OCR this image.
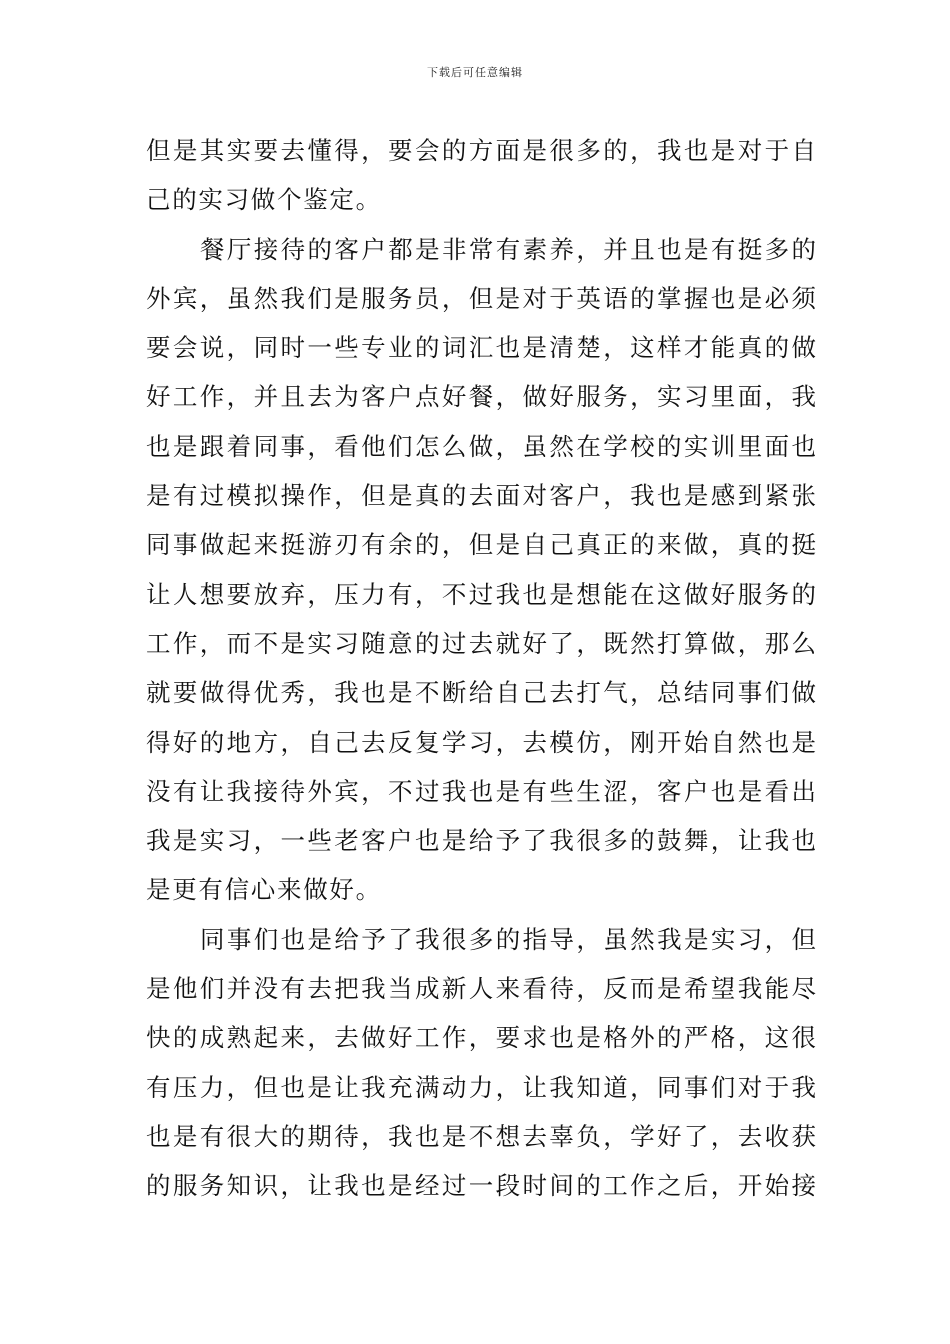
下载后可任意编辑
但是其实要去懂得，要会的方面是很多的，我也是对于自
己的实习做个鉴定。
餐厅接待的客户都是非常有素养，并且也是有挺多的
外宾，虽然我们是服务员，但是对于英语的掌握也是必须
要会说，同时一些专业的词汇也是清楚，这样才能真的做
好工作，并且去为客户点好餐，做好服务，实习里面，我
也是跟着同事，看他们怎么做，虽然在学校的实训里面也
是有过模拟操作，但是真的去面对客户，我也是感到紧张
同事做起来挺游刃有余的，但是自己真正的来做，真的挺
让人想要放弃，压力有，不过我也是想能在这做好服务的
工作，而不是实习随意的过去就好了，既然打算做，那么
就要做得优秀，我也是不断给自己去打气，总结同事们做
得好的地方，自己去反复学习，去模仿，刚开始自然也是
没有让我接待外宾，不过我也是有些生涩，客户也是看出
我是实习，一些老客户也是给予了我很多的鼓舞，让我也
是更有信心来做好。
同事们也是给予了我很多的指导，虽然我是实习，但
是他们并没有去把我当成新人来看待，反而是希望我能尽
快的成熟起来，去做好工作，要求也是格外的严格，这很
有压力，但也是让我充满动力，让我知道，同事们对于我
也是有很大的期待，我也是不想去辜负，学好了，去收获
的服务知识，让我也是经过一段时间的工作之后，开始接
